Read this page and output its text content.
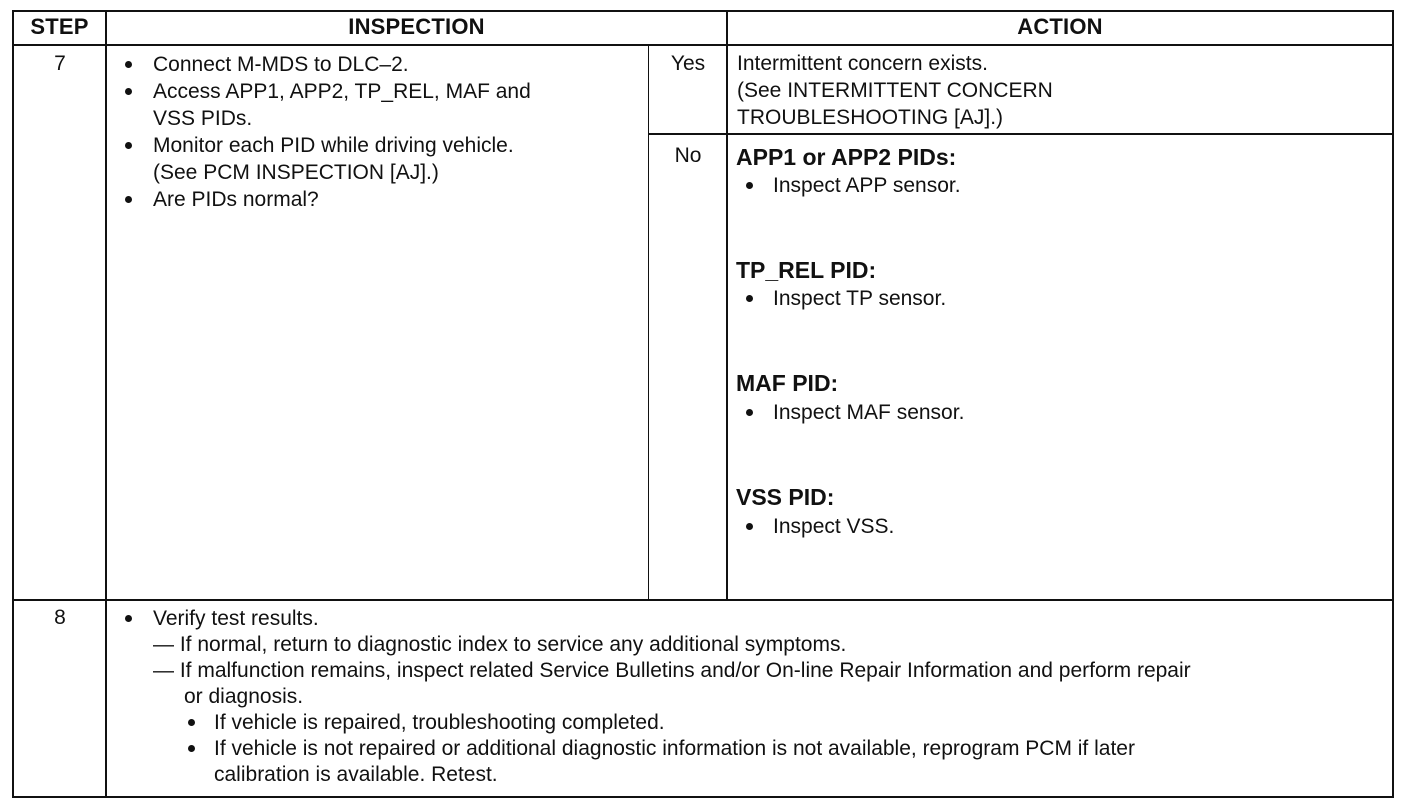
STEP	INSPECTION	ACTION
7	Connect M-MDS to DLC–2.
Access APP1, APP2, TP_REL, MAF and
VSS PIDs.
Monitor each PID while driving vehicle.
(See PCM INSPECTION [AJ].)
Are PIDs normal?
Yes	Intermittent concern exists.
(See INTERMITTENT CONCERN
TROUBLESHOOTING [AJ].)
No	APP1 or APP2 PIDs:
Inspect APP sensor.
TP_REL PID:
Inspect TP sensor.
MAF PID:
Inspect MAF sensor.
VSS PID:
Inspect VSS.
8	Verify test results.
— If normal, return to diagnostic index to service any additional symptoms.
— If malfunction remains, inspect related Service Bulletins and/or On-line Repair Information and perform repair
or diagnosis.
If vehicle is repaired, troubleshooting completed.
If vehicle is not repaired or additional diagnostic information is not available, reprogram PCM if later
calibration is available. Retest.
